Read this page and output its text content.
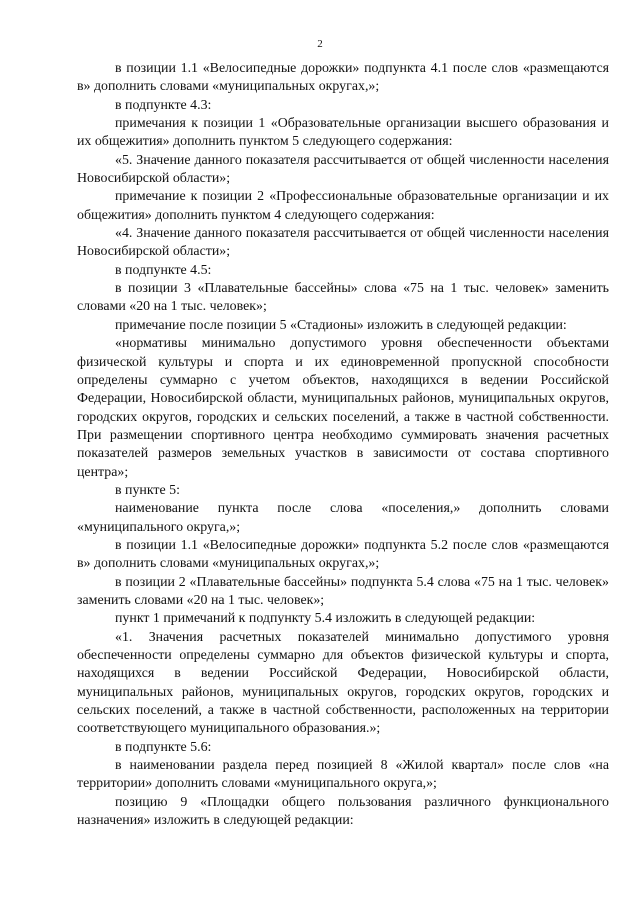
2

в позиции 1.1 «Велосипедные дорожки» подпункта 4.1 после слов «размещаются в» дополнить словами «муниципальных округах,»;

в подпункте 4.3:

примечания к позиции 1 «Образовательные организации высшего образования и их общежития» дополнить пунктом 5 следующего содержания:

«5. Значение данного показателя рассчитывается от общей численности населения Новосибирской области»;

примечание к позиции 2 «Профессиональные образовательные организации и их общежития» дополнить пунктом 4 следующего содержания:

«4. Значение данного показателя рассчитывается от общей численности населения Новосибирской области»;

в подпункте 4.5:

в позиции 3 «Плавательные бассейны» слова «75 на 1 тыс. человек» заменить словами «20 на 1 тыс. человек»;

примечание после позиции 5 «Стадионы» изложить в следующей редакции:

«нормативы минимально допустимого уровня обеспеченности объектами физической культуры и спорта и их единовременной пропускной способности определены суммарно с учетом объектов, находящихся в ведении Российской Федерации, Новосибирской области, муниципальных районов, муниципальных округов, городских округов, городских и сельских поселений, а также в частной собственности. При размещении спортивного центра необходимо суммировать значения расчетных показателей размеров земельных участков в зависимости от состава спортивного центра»;

в пункте 5:

наименование пункта после слова «поселения,» дополнить словами «муниципального округа,»;

в позиции 1.1 «Велосипедные дорожки» подпункта 5.2 после слов «размещаются в» дополнить словами «муниципальных округах,»;

в позиции 2 «Плавательные бассейны» подпункта 5.4 слова «75 на 1 тыс. человек» заменить словами «20 на 1 тыс. человек»;

пункт 1 примечаний к подпункту 5.4 изложить в следующей редакции:

«1. Значения расчетных показателей минимально допустимого уровня обеспеченности определены суммарно для объектов физической культуры и спорта, находящихся в ведении Российской Федерации, Новосибирской области, муниципальных районов, муниципальных округов, городских округов, городских и сельских поселений, а также в частной собственности, расположенных на территории соответствующего муниципального образования.»;

в подпункте 5.6:

в наименовании раздела перед позицией 8 «Жилой квартал» после слов «на территории» дополнить словами «муниципального округа,»;

позицию 9 «Площадки общего пользования различного функционального назначения» изложить в следующей редакции:
